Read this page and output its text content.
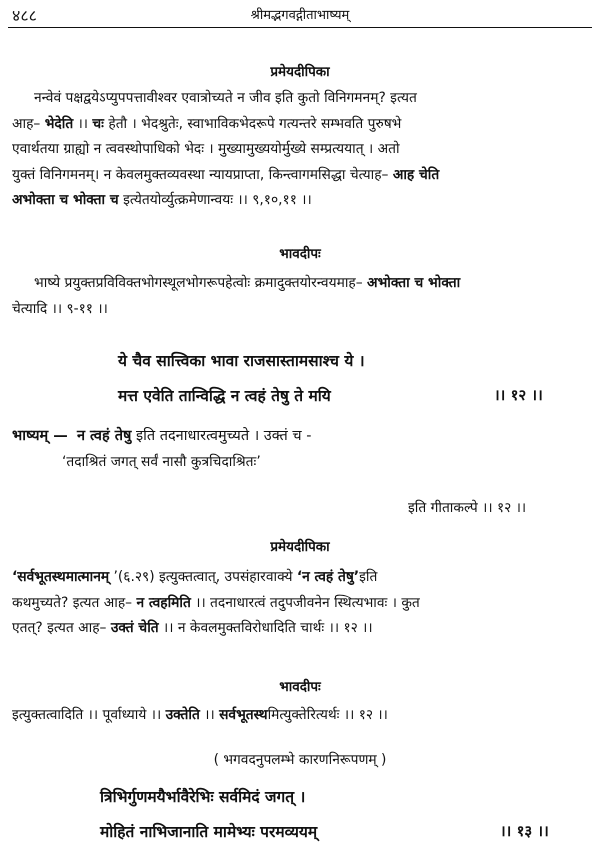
४८८	श्रीमद्भगवद्गीताभाष्यम्
प्रमेयदीपिका
नन्वेवं पक्षद्वयेऽप्युपपत्तावीश्वर एवात्रोच्यते न जीव इति कुतो विनिगमनम्? इत्यत
आह– भेदेति ।। चः हेतौ । भेदश्रुतेः, स्वाभाविकभेदरूपे गत्यन्तरे सम्भवति पुरुषभे
एवार्थतया ग्राह्यो न त्ववस्थोपाधिको भेदः । मुख्यामुख्ययोर्मुख्ये सम्प्रत्ययात् । अतो
युक्तं विनिगमनम्। न केवलमुक्तव्यवस्था न्यायप्राप्ता, किन्त्वागमसिद्धा चेत्याह– आह चेति
अभोक्ता च भोक्ता च इत्येतयोर्व्युत्क्रमेणान्वयः ।। ९,१०,११ ।।
भावदीपः
भाष्ये प्रयुक्तप्रविविक्तभोगस्थूलभोगरूपहेत्वोः क्रमादुक्तयोरन्वयमाह– अभोक्ता च भोक्ता
चेत्यादि ।। ९-११ ।।
ये चैव सात्त्विका भावा राजसास्तामसाश्च ये ।
मत्त एवेति तान्विद्धि न त्वहं तेषु ते मयि	।। १२ ।।
भाष्यम् — न त्वहं तेषु इति तदनाधारत्वमुच्यते । उक्तं च -
‘तदाश्रितं जगत् सर्वं नासौ कुत्रचिदाश्रितः’
इति गीताकल्पे ।। १२ ।।
प्रमेयदीपिका
‘सर्वभूतस्थमात्मानम् ’(६.२९) इत्युक्तत्वात्, उपसंहारवाक्ये ‘न त्वहं तेषु’इति
कथमुच्यते? इत्यत आह– न त्वहमिति ।। तदनाधारत्वं तदुपजीवनेन स्थित्यभावः । कुत
एतत्? इत्यत आह– उक्तं चेति ।। न केवलमुक्तविरोधादिति चार्थः ।। १२ ।।
भावदीपः
इत्युक्तत्वादिति ।। पूर्वाध्याये ।। उक्तेति ।। सर्वभूतस्थमित्युक्तेरित्यर्थः ।। १२ ।।
( भगवदनुपलम्भे कारणनिरूपणम् )
त्रिभिर्गुणमयैर्भावैरेभिः सर्वमिदं जगत् ।
मोहितं नाभिजानाति मामेभ्यः परमव्ययम्	।। १३ ।।
